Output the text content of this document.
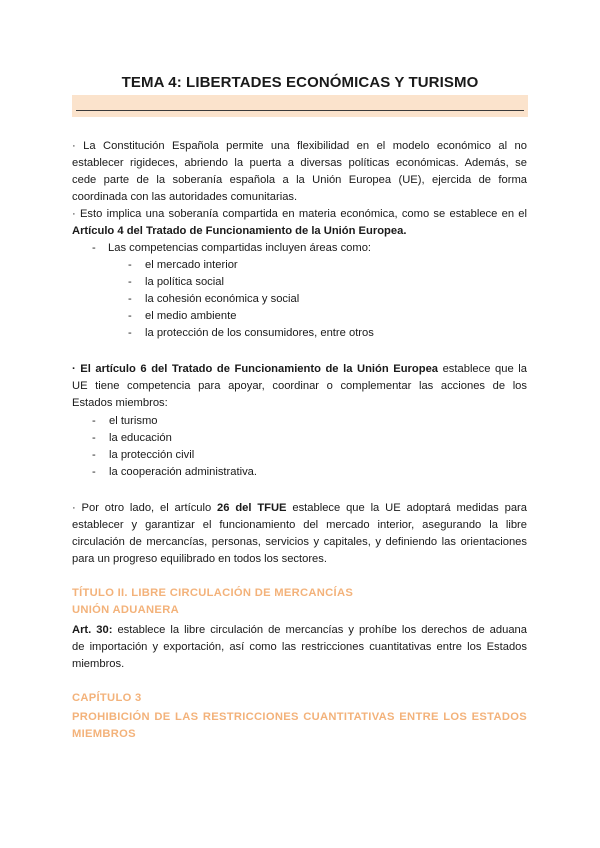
TEMA 4: LIBERTADES ECONÓMICAS Y TURISMO
· La Constitución Española permite una flexibilidad en el modelo económico al no
establecer rigideces, abriendo la puerta a diversas políticas económicas. Además, se
cede parte de la soberanía española a la Unión Europea (UE), ejercida de forma
coordinada con las autoridades comunitarias.
· Esto implica una soberanía compartida en materia económica, como se establece en el
Artículo 4 del Tratado de Funcionamiento de la Unión Europea.
- Las competencias compartidas incluyen áreas como:
- el mercado interior
- la política social
- la cohesión económica y social
- el medio ambiente
- la protección de los consumidores, entre otros
· El artículo 6 del Tratado de Funcionamiento de la Unión Europea establece que la
UE tiene competencia para apoyar, coordinar o complementar las acciones de los
Estados miembros:
- el turismo
- la educación
- la protección civil
- la cooperación administrativa.
· Por otro lado, el artículo 26 del TFUE establece que la UE adoptará medidas para
establecer y garantizar el funcionamiento del mercado interior, asegurando la libre
circulación de mercancías, personas, servicios y capitales, y definiendo las orientaciones
para un progreso equilibrado en todos los sectores.
TÍTULO II. LIBRE CIRCULACIÓN DE MERCANCÍAS
UNIÓN ADUANERA
Art. 30: establece la libre circulación de mercancías y prohíbe los derechos de aduana
de importación y exportación, así como las restricciones cuantitativas entre los Estados
miembros.
CAPÍTULO 3
PROHIBICIÓN DE LAS RESTRICCIONES CUANTITATIVAS ENTRE LOS ESTADOS
MIEMBROS
